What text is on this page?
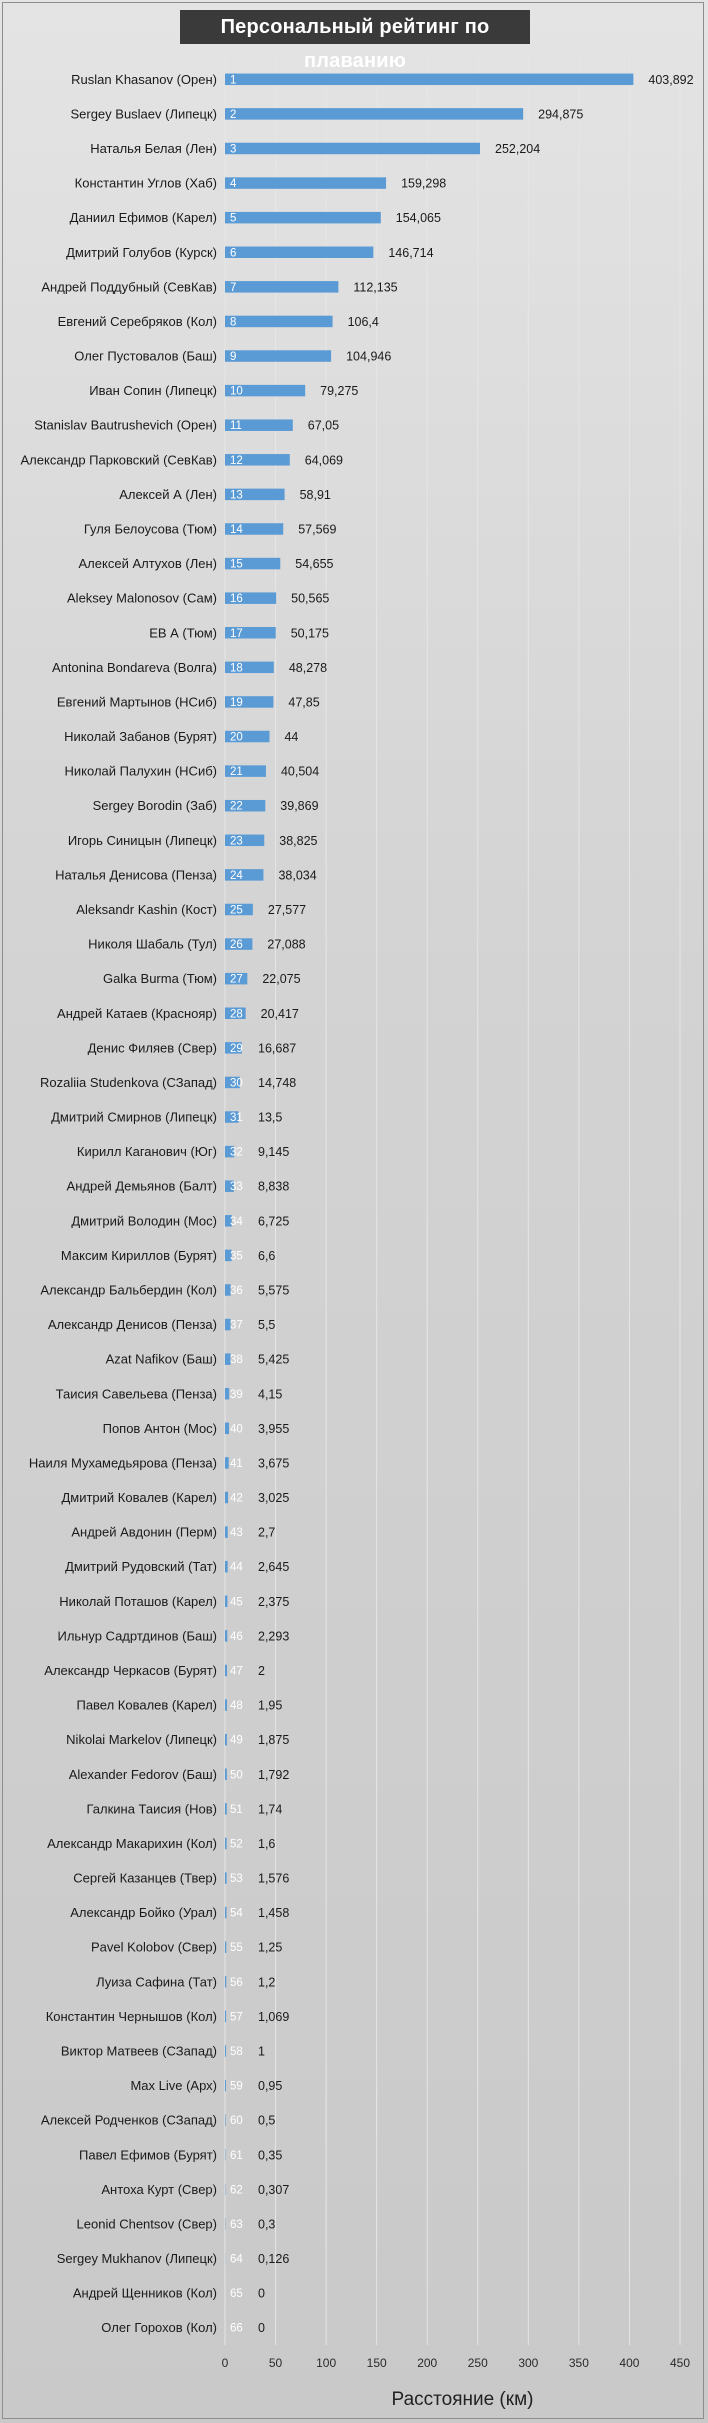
0	50	100	150	200	250	300	350	400	450
Расстояние (км)
Ruslan Khasanov (Орен) 1	403,892
Sergey Buslaev (Липецк) 2	294,875
Наталья Белая (Лен) 3	252,204
Константин Углов (Хаб) 4	159,298
Даниил Ефимов (Карел) 5	154,065
Дмитрий Голубов (Курск) 6	146,714
Андрей Поддубный (СевКав) 7	112,135
Евгений Серебряков (Кол) 8	106,4
Олег Пустовалов (Баш) 9	104,946
Иван Сопин (Липецк) 10	79,275
Stanislav Bautrushevich (Орен) 11	67,05
Александр Парковский (СевКав) 12	64,069
Алексей А (Лен) 13	58,91
Гуля Белоусова (Тюм) 14	57,569
Алексей Алтухов (Лен) 15	54,655
Aleksey Malonosov (Сам) 16	50,565
ЕВ А (Тюм) 17	50,175
Antonina Bondareva (Волга) 18	48,278
Евгений Мартынов (НСиб) 19	47,85
Николай Забанов (Бурят) 20	44
Николай Палухин (НСиб) 21	40,504
Sergey Borodin (Заб) 22	39,869
Игорь Синицын (Липецк) 23	38,825
Наталья Денисова (Пенза) 24	38,034
Aleksandr Kashin (Кост) 25 27,577
Николя Шабаль (Тул) 26 27,088
Galka Burma (Тюм) 27 22,075
Андрей Катаев (Краснояр) 28 20,417
Денис Филяев (Свер) 29 16,687
Rozaliia Studenkova (СЗапад) 30 14,748
Дмитрий Смирнов (Липецк) 31 13,5
Кирилл Каганович (Юг) 32 9,145
Андрей Демьянов (Балт) 33 8,838
Дмитрий Володин (Мос) 34 6,725
Максим Кириллов (Бурят) 35 6,6
Александр Бальбердин (Кол) 36 5,575
Александр Денисов (Пенза) 37 5,5
Azat Nafikov (Баш) 38 5,425
Таисия Савельева (Пенза) 39 4,15
Попов Антон (Мос) 40 3,955
Наиля Мухамедьярова (Пенза) 41 3,675
Дмитрий Ковалев (Карел) 42 3,025
Андрей Авдонин (Перм) 43 2,7
Дмитрий Рудовский (Тат) 44 2,645
Николай Поташов (Карел) 45 2,375
Ильнур Садртдинов (Баш) 46 2,293
Александр Черкасов (Бурят) 47 2
Павел Ковалев (Карел) 48 1,95
Nikolai Markelov (Липецк) 49 1,875
Alexander Fedorov (Баш) 50 1,792
Галкина Таисия (Нов) 51 1,74
Александр Макарихин (Кол) 52 1,6
Сергей Казанцев (Твер) 53 1,576
Александр Бойко (Урал) 54 1,458
Pavel Kolobov (Свер) 55 1,25
Луиза Сафина (Тат) 56 1,2
Константин Чернышов (Кол) 57 1,069
Виктор Матвеев (СЗапад) 58 1
Max Live (Арх) 59 0,95
Алексей Родченков (СЗапад) 60 0,5
Павел Ефимов (Бурят) 61 0,35
Антоха Курт (Свер) 62 0,307
Leonid Chentsov (Свер) 63 0,3
Sergey Mukhanov (Липецк) 64 0,126
Андрей Щенников (Кол) 65 0
Олег Горохов (Кол) 66 0
Персональный рейтинг по плаванию
